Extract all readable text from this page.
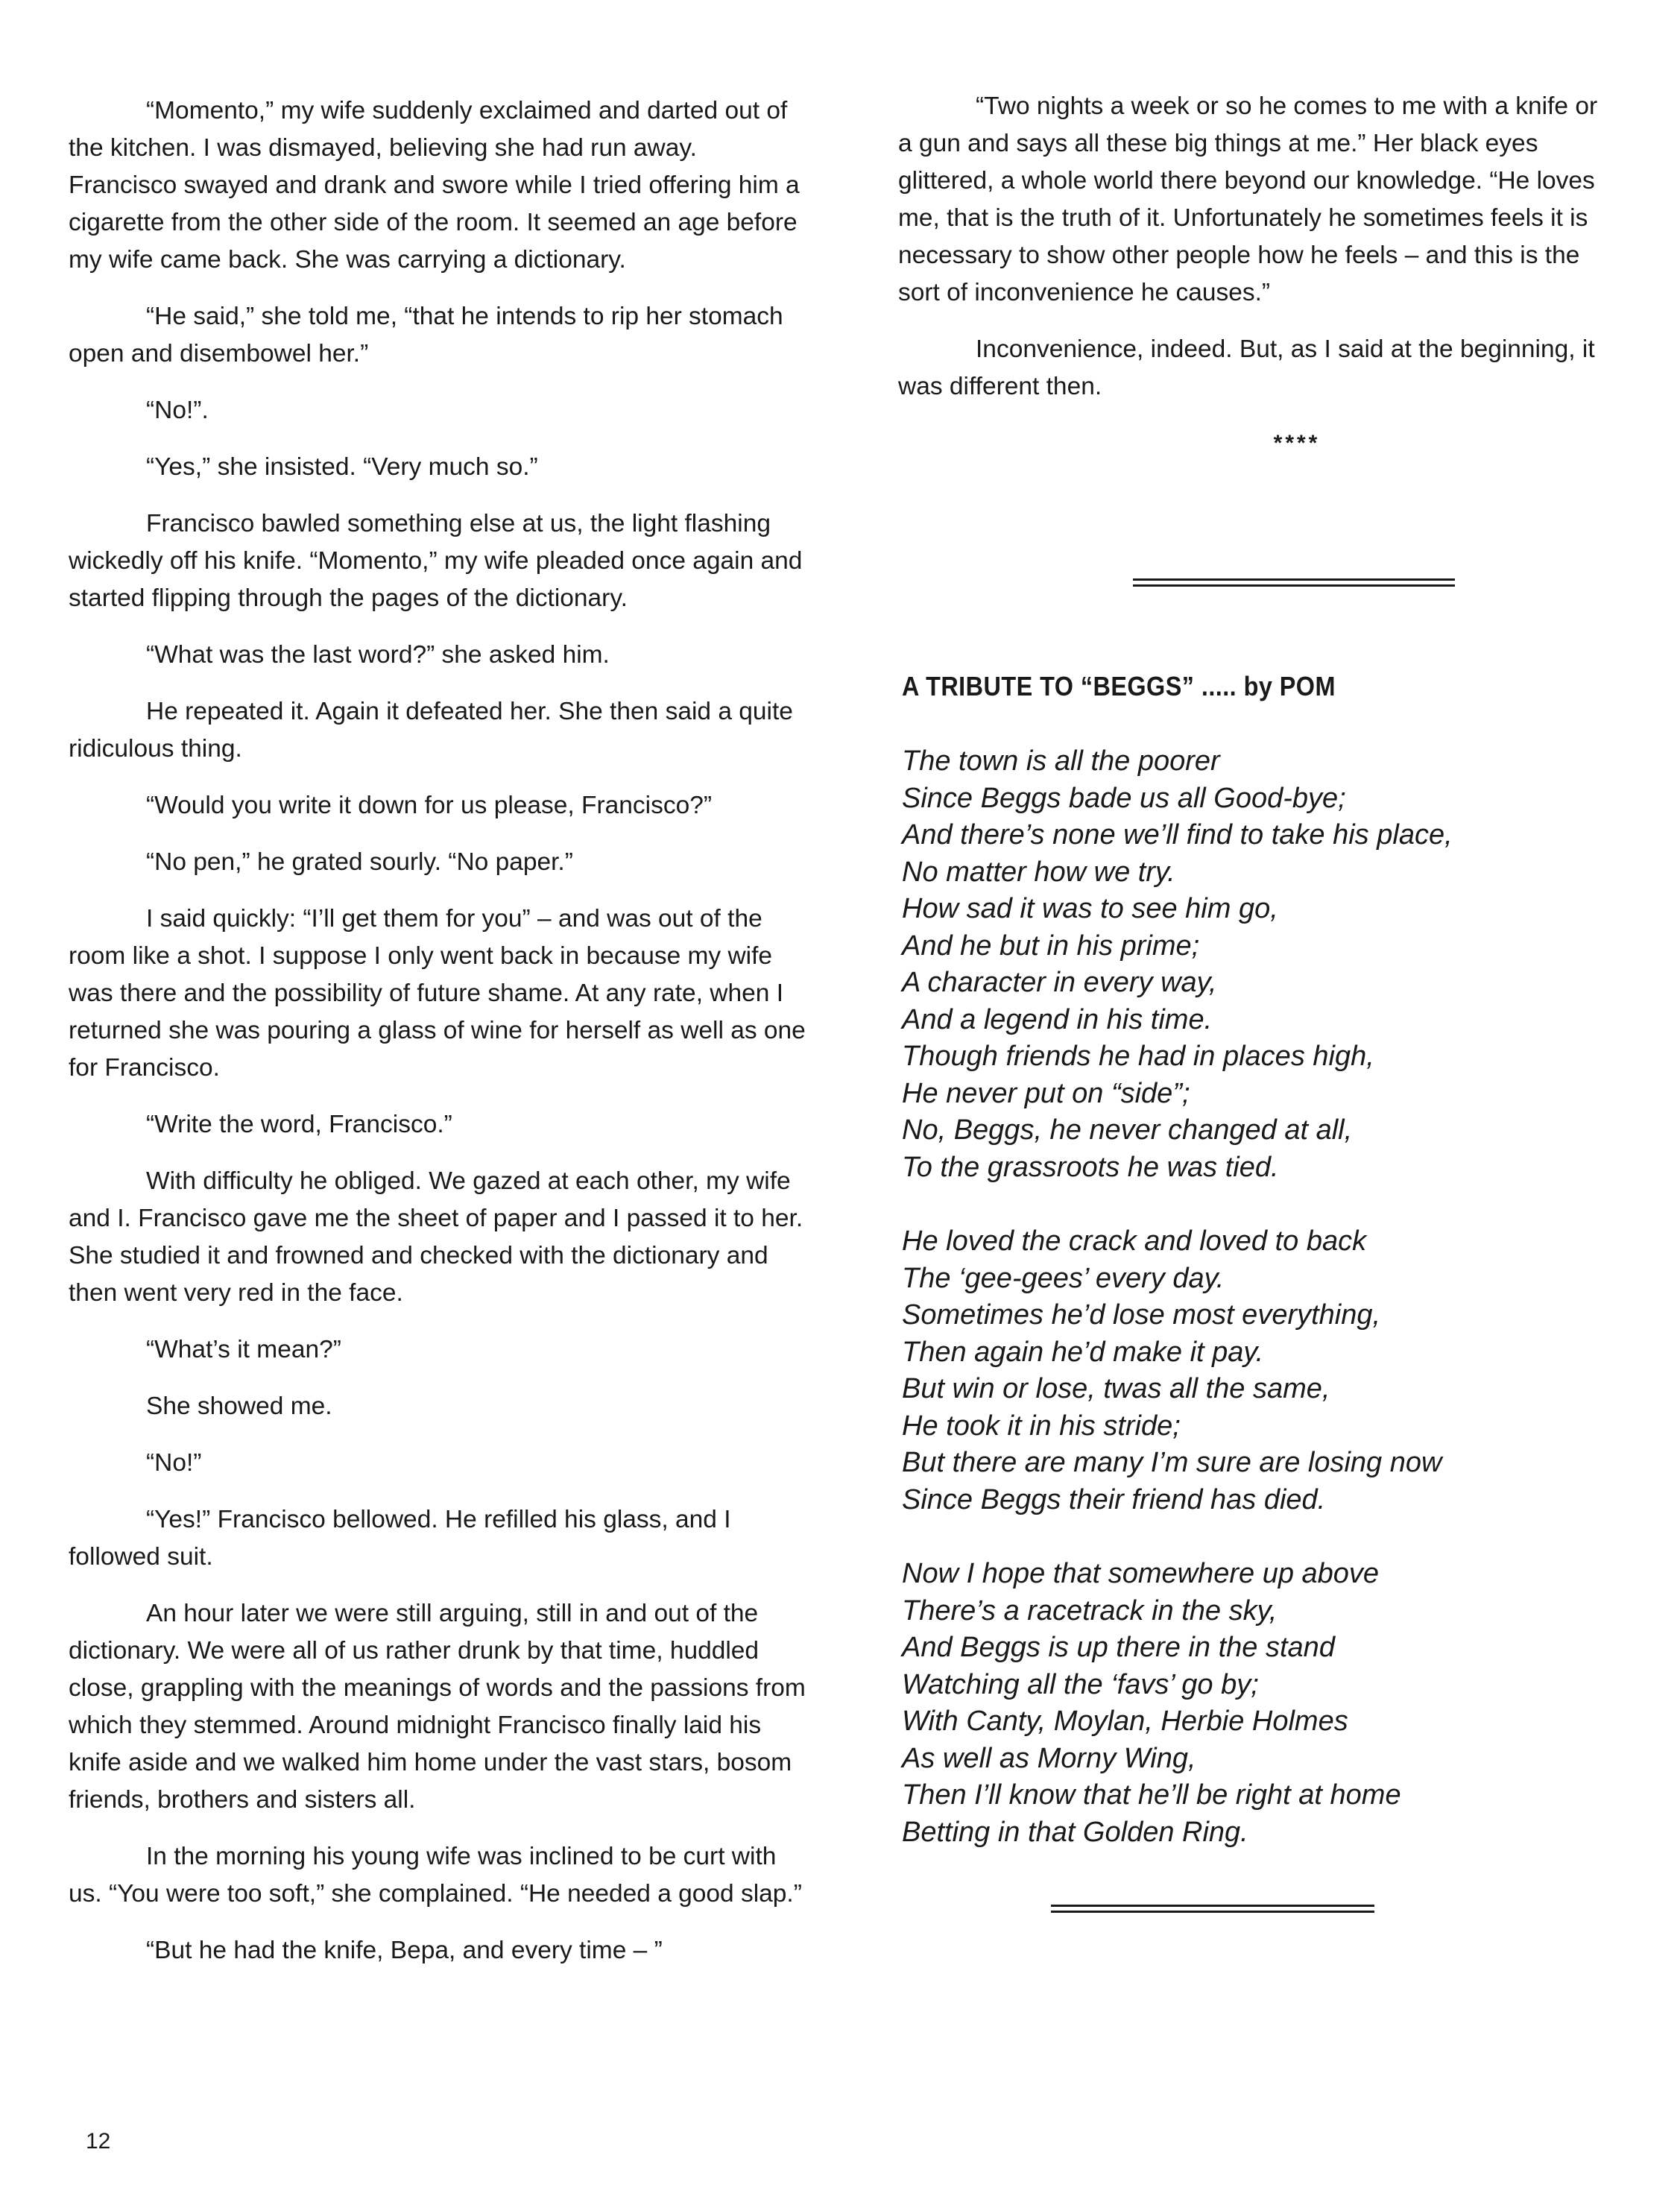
“Momento,” my wife suddenly exclaimed and darted out of the kitchen. I was dismayed, believing she had run away. Francisco swayed and drank and swore while I tried offering him a cigarette from the other side of the room. It seemed an age before my wife came back. She was carrying a dictionary.

“He said,” she told me, “that he intends to rip her stomach open and disembowel her.”

“No!”.

“Yes,” she insisted. “Very much so.”

Francisco bawled something else at us, the light flashing wickedly off his knife. “Momento,” my wife pleaded once again and started flipping through the pages of the dictionary.

“What was the last word?” she asked him.

He repeated it. Again it defeated her. She then said a quite ridiculous thing.

“Would you write it down for us please, Francisco?”

“No pen,” he grated sourly. “No paper.”

I said quickly: “I’ll get them for you” – and was out of the room like a shot. I suppose I only went back in because my wife was there and the possibility of future shame. At any rate, when I returned she was pouring a glass of wine for herself as well as one for Francisco.

“Write the word, Francisco.”

With difficulty he obliged. We gazed at each other, my wife and I. Francisco gave me the sheet of paper and I passed it to her. She studied it and frowned and checked with the dictionary and then went very red in the face.

“What’s it mean?”

She showed me.

“No!”

“Yes!” Francisco bellowed. He refilled his glass, and I followed suit.

An hour later we were still arguing, still in and out of the dictionary. We were all of us rather drunk by that time, huddled close, grappling with the meanings of words and the passions from which they stemmed. Around midnight Francisco finally laid his knife aside and we walked him home under the vast stars, bosom friends, brothers and sisters all.

In the morning his young wife was inclined to be curt with us. “You were too soft,” she complained. “He needed a good slap.”

“But he had the knife, Bepa, and every time – ”

“Two nights a week or so he comes to me with a knife or a gun and says all these big things at me.” Her black eyes glittered, a whole world there beyond our knowledge. “He loves me, that is the truth of it. Unfortunately he sometimes feels it is necessary to show other people how he feels – and this is the sort of inconvenience he causes.”

Inconvenience, indeed. But, as I said at the beginning, it was different then.

****
A TRIBUTE TO “BEGGS” ..... by POM
The town is all the poorer
Since Beggs bade us all Good-bye;
And there’s none we’ll find to take his place,
No matter how we try.
How sad it was to see him go,
And he but in his prime;
A character in every way,
And a legend in his time.
Though friends he had in places high,
He never put on “side”;
No, Beggs, he never changed at all,
To the grassroots he was tied.
He loved the crack and loved to back
The ‘gee-gees’ every day.
Sometimes he’d lose most everything,
Then again he’d make it pay.
But win or lose, twas all the same,
He took it in his stride;
But there are many I’m sure are losing now
Since Beggs their friend has died.
Now I hope that somewhere up above
There’s a racetrack in the sky,
And Beggs is up there in the stand
Watching all the ‘favs’ go by;
With Canty, Moylan, Herbie Holmes
As well as Morny Wing,
Then I’ll know that he’ll be right at home
Betting in that Golden Ring.
12
